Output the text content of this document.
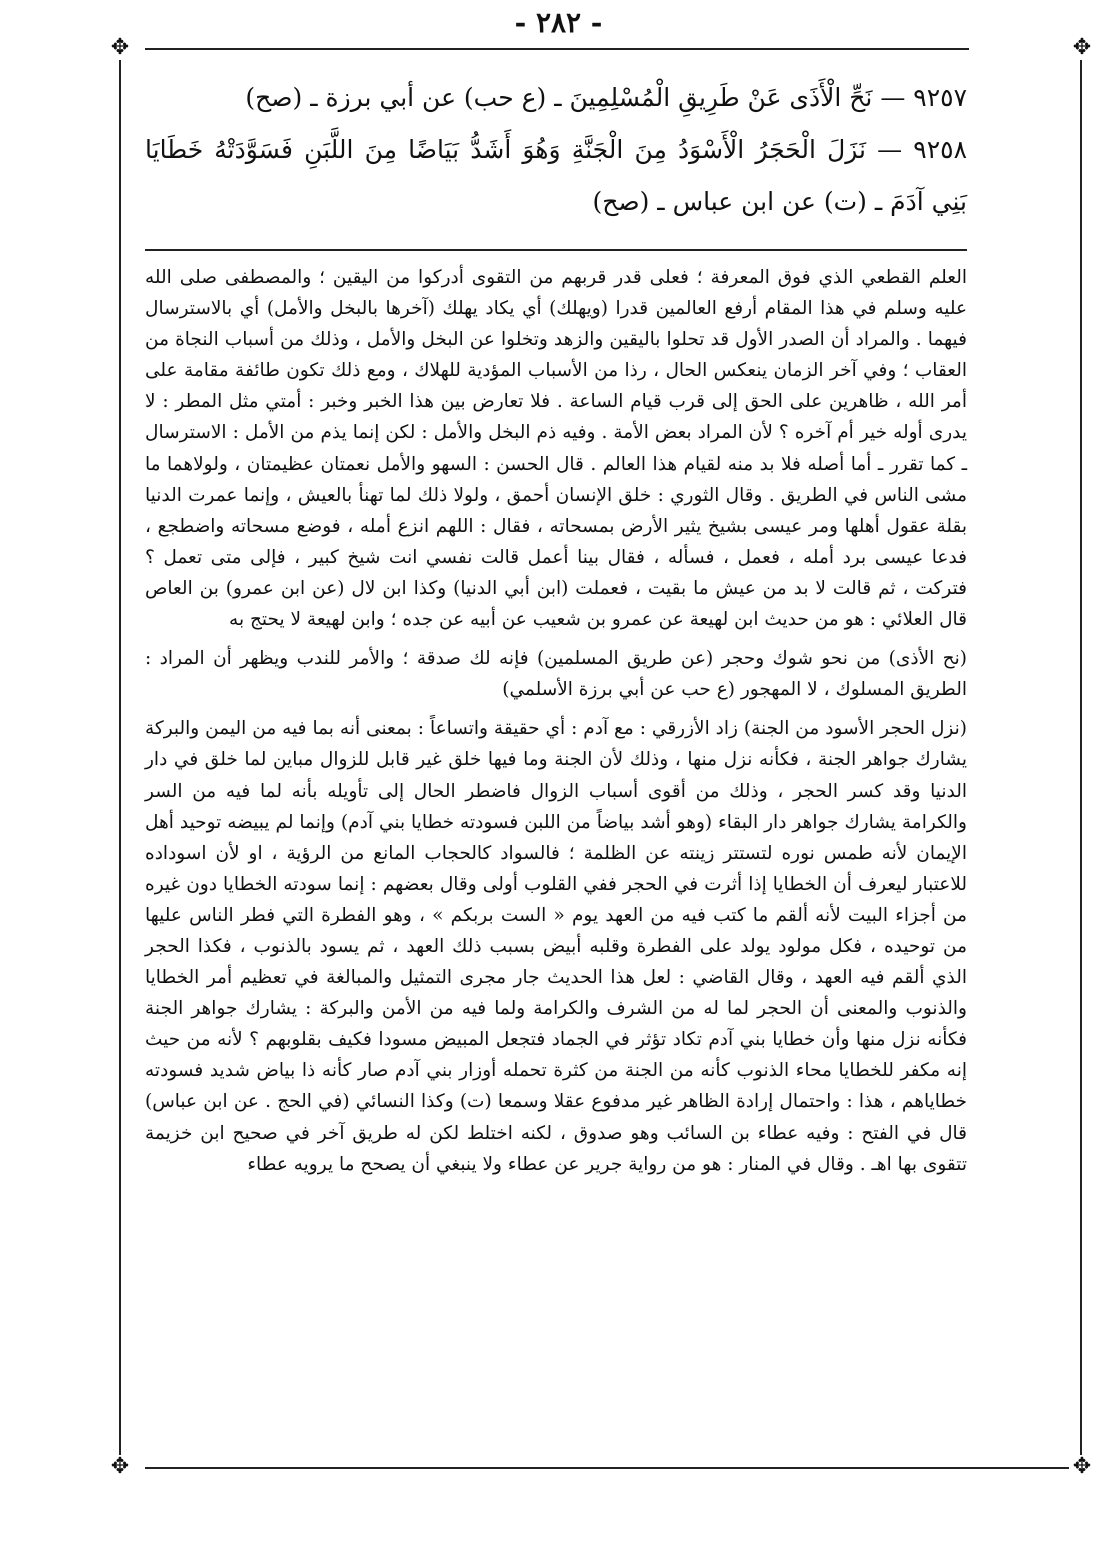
- ٢٨٢ -
✥	✥
✥	✥
٩٢٥٧ — نَحِّ الْأَذَى عَنْ طَرِيقِ الْمُسْلِمِينَ ـ (ع حب) عن أبي برزة ـ (صح)
٩٢٥٨ — نَزَلَ الْحَجَرُ الْأَسْوَدُ مِنَ الْجَنَّةِ وَهُوَ أَشَدُّ بَيَاضًا مِنَ اللَّبَنِ فَسَوَّدَتْهُ خَطَايَا بَنِي آدَمَ ـ (ت) عن ابن عباس ـ (صح)

العلم القطعي الذي فوق المعرفة ؛ فعلى قدر قربهم من التقوى أدركوا من اليقين ؛ والمصطفى صلى الله عليه وسلم في هذا المقام أرفع العالمين قدرا (ويهلك) أي يكاد يهلك (آخرها بالبخل والأمل) أي بالاسترسال فيهما . والمراد أن الصدر الأول قد تحلوا باليقين والزهد وتخلوا عن البخل والأمل ، وذلك من أسباب النجاة من العقاب ؛ وفي آخر الزمان ينعكس الحال ، رذا من الأسباب المؤدية للهلاك ، ومع ذلك تكون طائفة مقامة على أمر الله ، ظاهرين على الحق إلى قرب قيام الساعة . فلا تعارض بين هذا الخبر وخبر : أمتي مثل المطر : لا يدرى أوله خير أم آخره ؟ لأن المراد بعض الأمة . وفيه ذم البخل والأمل : لكن إنما يذم من الأمل : الاسترسال ـ كما تقرر ـ أما أصله فلا بد منه لقيام هذا العالم . قال الحسن : السهو والأمل نعمتان عظيمتان ، ولولاهما ما مشى الناس في الطريق . وقال الثوري : خلق الإنسان أحمق ، ولولا ذلك لما تهنأ بالعيش ، وإنما عمرت الدنيا بقلة عقول أهلها ومر عيسى بشيخ يثير الأرض بمسحاته ، فقال : اللهم انزع أمله ، فوضع مسحاته واضطجع ، فدعا عيسى برد أمله ، فعمل ، فسأله ، فقال بينا أعمل قالت نفسي انت شيخ كبير ، فإلى متى تعمل ؟ فتركت ، ثم قالت لا بد من عيش ما بقيت ، فعملت (ابن أبي الدنيا) وكذا ابن لال (عن ابن عمرو) بن العاص قال العلائي : هو من حديث ابن لهيعة عن عمرو بن شعيب عن أبيه عن جده ؛ وابن لهيعة لا يحتج به

(نح الأذى) من نحو شوك وحجر (عن طريق المسلمين) فإنه لك صدقة ؛ والأمر للندب ويظهر أن المراد : الطريق المسلوك ، لا المهجور (ع حب عن أبي برزة الأسلمي)

(نزل الحجر الأسود من الجنة) زاد الأزرقي : مع آدم : أي حقيقة واتساعاً : بمعنى أنه بما فيه من اليمن والبركة يشارك جواهر الجنة ، فكأنه نزل منها ، وذلك لأن الجنة وما فيها خلق غير قابل للزوال مباين لما خلق في دار الدنيا وقد كسر الحجر ، وذلك من أقوى أسباب الزوال فاضطر الحال إلى تأويله بأنه لما فيه من السر والكرامة يشارك جواهر دار البقاء (وهو أشد بياضاً من اللبن فسودته خطايا بني آدم) وإنما لم يبيضه توحيد أهل الإيمان لأنه طمس نوره لتستتر زينته عن الظلمة ؛ فالسواد كالحجاب المانع من الرؤية ، او لأن اسوداده للاعتبار ليعرف أن الخطايا إذا أثرت في الحجر ففي القلوب أولى وقال بعضهم : إنما سودته الخطايا دون غيره من أجزاء البيت لأنه ألقم ما كتب فيه من العهد يوم « الست بربكم » ، وهو الفطرة التي فطر الناس عليها من توحيده ، فكل مولود يولد على الفطرة وقلبه أبيض بسبب ذلك العهد ، ثم يسود بالذنوب ، فكذا الحجر الذي ألقم فيه العهد ، وقال القاضي : لعل هذا الحديث جار مجرى التمثيل والمبالغة في تعظيم أمر الخطايا والذنوب والمعنى أن الحجر لما له من الشرف والكرامة ولما فيه من الأمن والبركة : يشارك جواهر الجنة فكأنه نزل منها وأن خطايا بني آدم تكاد تؤثر في الجماد فتجعل المبيض مسودا فكيف بقلوبهم ؟ لأنه من حيث إنه مكفر للخطايا محاء الذنوب كأنه من الجنة من كثرة تحمله أوزار بني آدم صار كأنه ذا بياض شديد فسودته خطاياهم ، هذا : واحتمال إرادة الظاهر غير مدفوع عقلا وسمعا (ت) وكذا النسائي (في الحج . عن ابن عباس) قال في الفتح : وفيه عطاء بن السائب وهو صدوق ، لكنه اختلط لكن له طريق آخر في صحيح ابن خزيمة تتقوى بها اهـ . وقال في المنار : هو من رواية جرير عن عطاء ولا ينبغي أن يصحح ما يرويه عطاء
